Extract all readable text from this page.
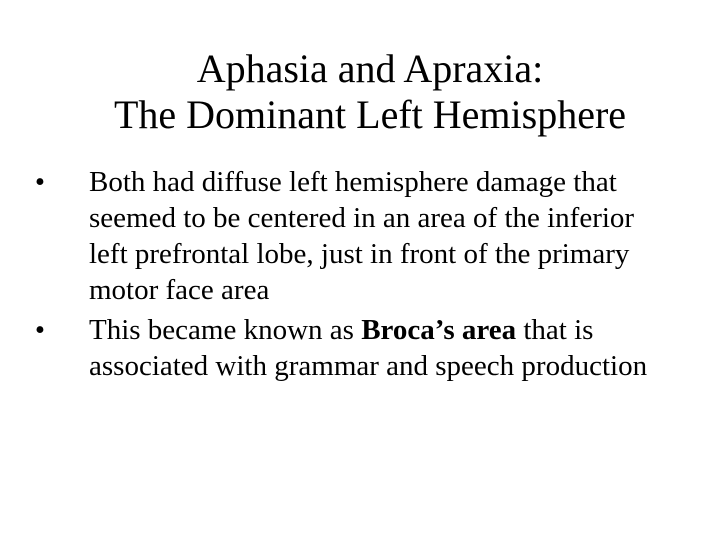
Aphasia and Apraxia:
The Dominant Left Hemisphere
• Both had diffuse left hemisphere damage that seemed to be centered in an area of the inferior left prefrontal lobe, just in front of the primary motor face area
• This became known as Broca’s area that is associated with grammar and speech production
